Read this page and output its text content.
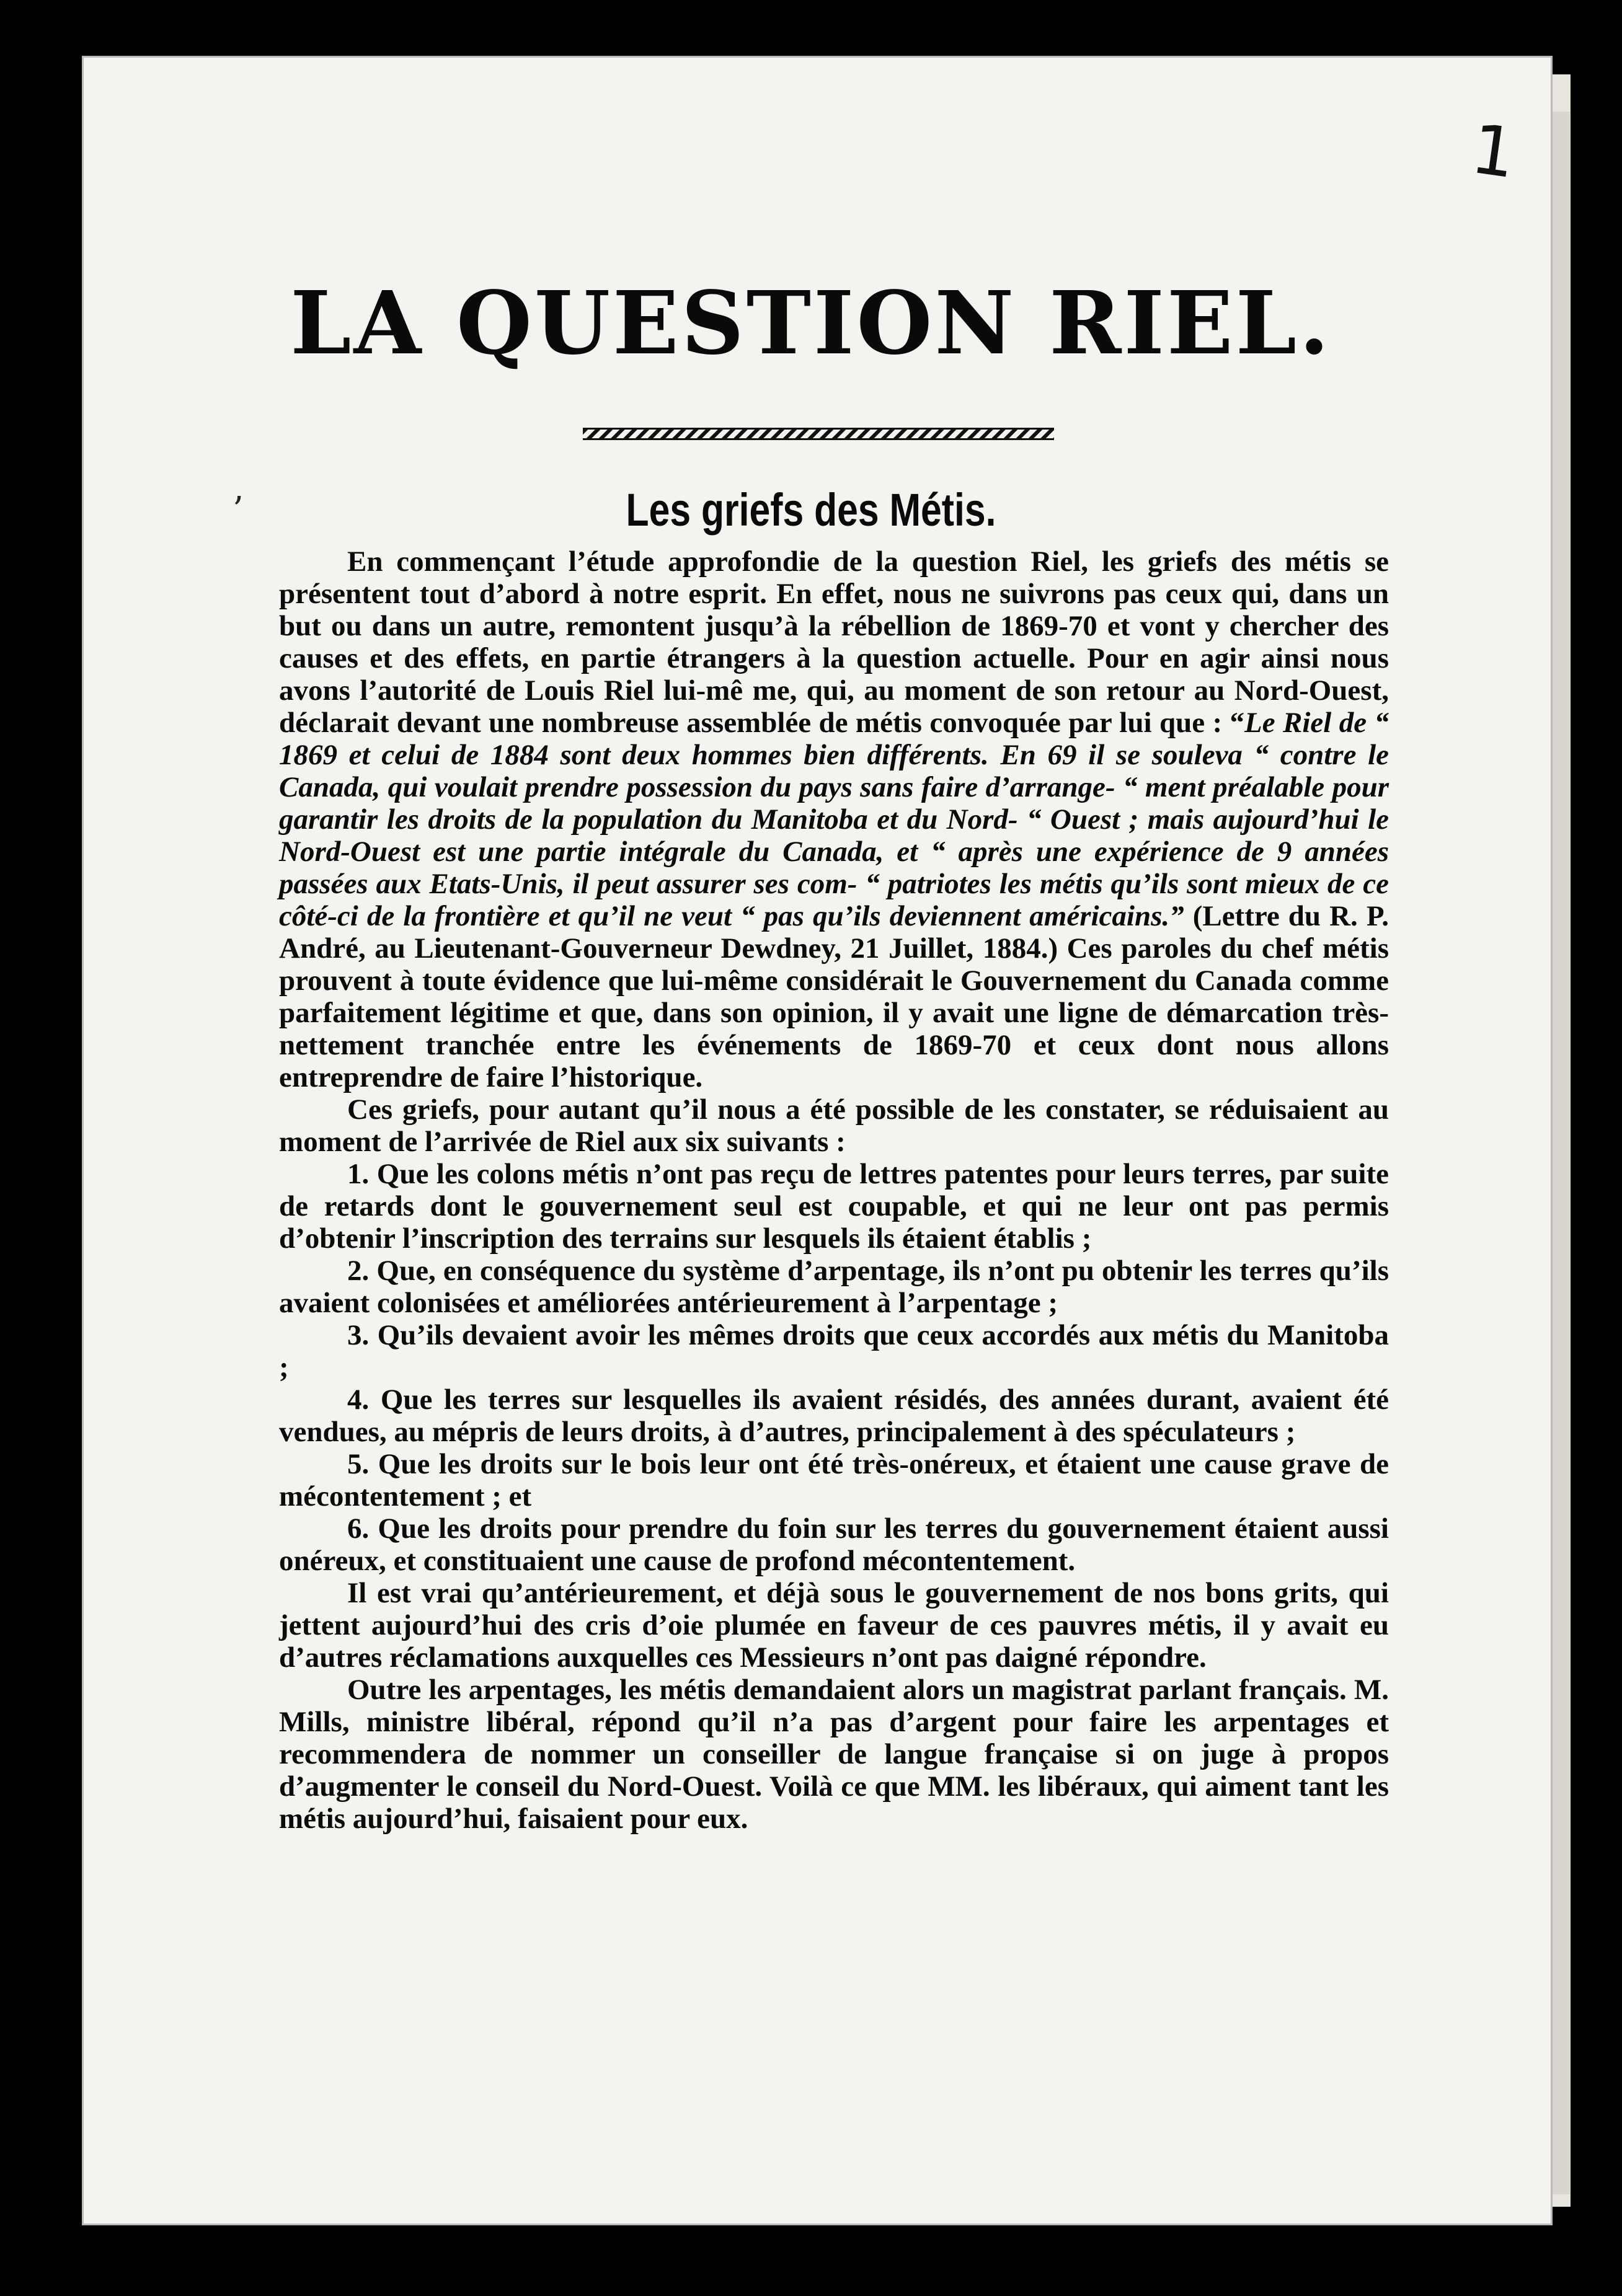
1
LA QUESTION RIEL.
’	Les griefs des Métis.

En commençant l’étude approfondie de la question Riel, les griefs des métis se présentent tout d’abord à notre esprit. En effet, nous ne suivrons pas ceux qui, dans un but ou dans un autre, remontent jusqu’à la rébellion de 1869-70 et vont y chercher des causes et des effets, en partie étrangers à la question actuelle. Pour en agir ainsi nous avons l’autorité de Louis Riel lui-mê me, qui, au moment de son retour au Nord-Ouest, déclarait devant une nombreuse assemblée de métis convoquée par lui que : “Le Riel de “ 1869 et celui de 1884 sont deux hommes bien différents. En 69 il se souleva “ contre le Canada, qui voulait prendre possession du pays sans faire d’arrange- “ ment préalable pour garantir les droits de la population du Manitoba et du Nord- “ Ouest ; mais aujourd’hui le Nord-Ouest est une partie intégrale du Canada, et “ après une expérience de 9 années passées aux Etats-Unis, il peut assurer ses com- “ patriotes les métis qu’ils sont mieux de ce côté-ci de la frontière et qu’il ne veut “ pas qu’ils deviennent américains.” (Lettre du R. P. André, au Lieutenant-Gouverneur Dewdney, 21 Juillet, 1884.) Ces paroles du chef métis prouvent à toute évidence que lui-même considérait le Gouvernement du Canada comme parfaitement légitime et que, dans son opinion, il y avait une ligne de démarcation très-nettement tranchée entre les événements de 1869-70 et ceux dont nous allons entreprendre de faire l’historique.

Ces griefs, pour autant qu’il nous a été possible de les constater, se réduisaient au moment de l’arrivée de Riel aux six suivants :

1. Que les colons métis n’ont pas reçu de lettres patentes pour leurs terres, par suite de retards dont le gouvernement seul est coupable, et qui ne leur ont pas permis d’obtenir l’inscription des terrains sur lesquels ils étaient établis ;

2. Que, en conséquence du système d’arpentage, ils n’ont pu obtenir les terres qu’ils avaient colonisées et améliorées antérieurement à l’arpentage ;

3. Qu’ils devaient avoir les mêmes droits que ceux accordés aux métis du Manitoba ;

4. Que les terres sur lesquelles ils avaient résidés, des années durant, avaient été vendues, au mépris de leurs droits, à d’autres, principalement à des spéculateurs ;

5. Que les droits sur le bois leur ont été très-onéreux, et étaient une cause grave de mécontentement ; et

6. Que les droits pour prendre du foin sur les terres du gouvernement étaient aussi onéreux, et constituaient une cause de profond mécontentement.

Il est vrai qu’antérieurement, et déjà sous le gouvernement de nos bons grits, qui jettent aujourd’hui des cris d’oie plumée en faveur de ces pauvres métis, il y avait eu d’autres réclamations auxquelles ces Messieurs n’ont pas daigné répondre.

Outre les arpentages, les métis demandaient alors un magistrat parlant français. M. Mills, ministre libéral, répond qu’il n’a pas d’argent pour faire les arpentages et recommendera de nommer un conseiller de langue française si on juge à propos d’augmenter le conseil du Nord-Ouest. Voilà ce que MM. les libéraux, qui aiment tant les métis aujourd’hui, faisaient pour eux.
